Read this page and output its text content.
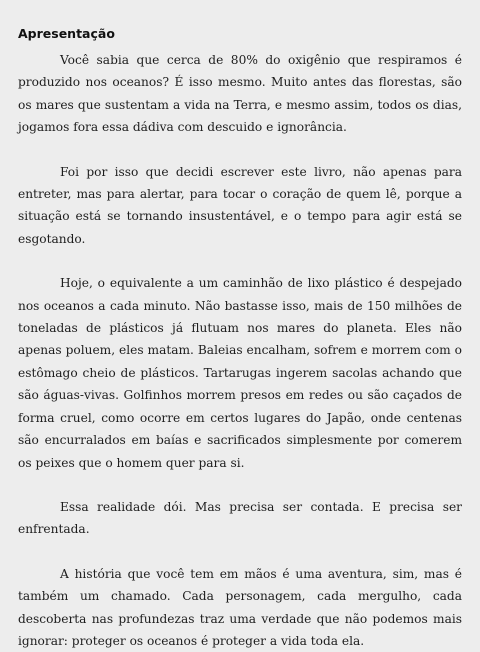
Apresentação

Você sabia que cerca de 80% do oxigênio que respiramos é produzido nos oceanos? É isso mesmo. Muito antes das florestas, são os mares que sustentam a vida na Terra, e mesmo assim, todos os dias, jogamos fora essa dádiva com descuido e ignorância.

Foi por isso que decidi escrever este livro, não apenas para entreter, mas para alertar, para tocar o coração de quem lê, porque a situação está se tornando insustentável, e o tempo para agir está se esgotando.

Hoje, o equivalente a um caminhão de lixo plástico é despejado nos oceanos a cada minuto. Não bastasse isso, mais de 150 milhões de toneladas de plásticos já flutuam nos mares do planeta. Eles não apenas poluem, eles matam. Baleias encalham, sofrem e morrem com o estômago cheio de plásticos. Tartarugas ingerem sacolas achando que são águas-vivas. Golfinhos morrem presos em redes ou são caçados de forma cruel, como ocorre em certos lugares do Japão, onde centenas são encurralados em baías e sacrificados simplesmente por comerem os peixes que o homem quer para si.

Essa realidade dói. Mas precisa ser contada. E precisa ser enfrentada.

A história que você tem em mãos é uma aventura, sim, mas é também um chamado. Cada personagem, cada mergulho, cada descoberta nas profundezas traz uma verdade que não podemos mais ignorar: proteger os oceanos é proteger a vida toda ela.
